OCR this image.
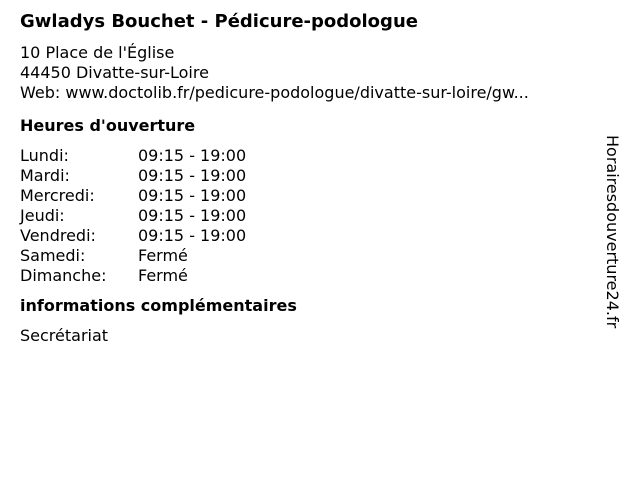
Gwladys Bouchet - Pédicure-podologue
10 Place de l'Église
44450 Divatte-sur-Loire
Web: www.doctolib.fr/pedicure-podologue/divatte-sur-loire/gw...
Heures d'ouverture
Lundi:	09:15 - 19:00
Mardi:	09:15 - 19:00
Mercredi:	09:15 - 19:00
Jeudi:	09:15 - 19:00
Vendredi:	09:15 - 19:00
Samedi:	Fermé
Dimanche:	Fermé
informations complémentaires
Secrétariat
Horairesdouverture24.fr
